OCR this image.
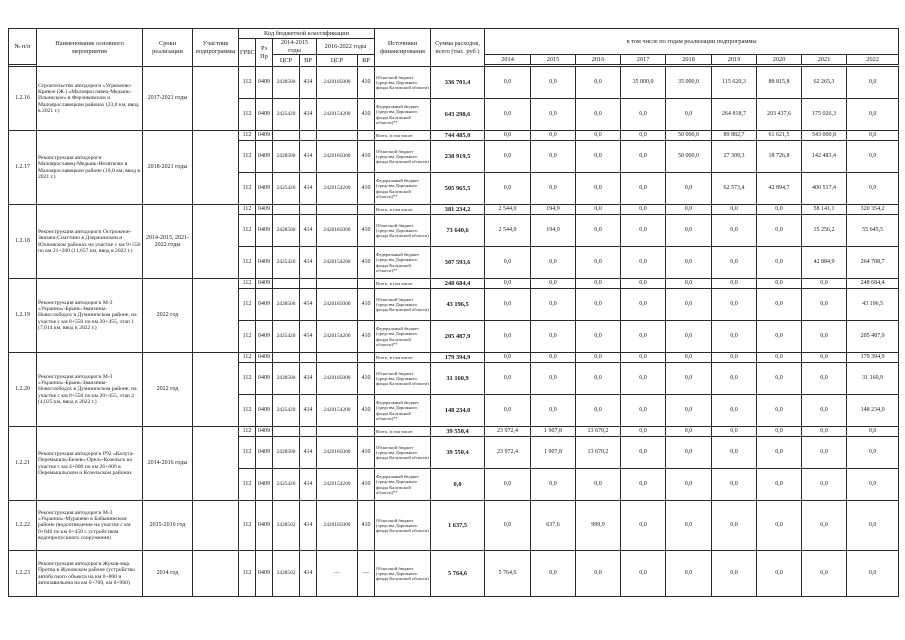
№ п/п	Наименование основного мероприятия	Сроки реализации	Участник подпрограммы	Код бюджетной классификации						Источники финансирования	Сумма расходов, всего (тыс. руб.)	в том числе по годам реализации подпрограммы								
				ГРБС	Рз Пр	2014-2015 годы		2016-2022 годы												
						ЦСР	ВР	ЦСР	ВР			2014	2015	2016	2017	2018	2019	2020	2021	2022

1.2.16	Строительство автодороги «Угрюмово-Кривое (Ж.) «Малоярославец-Медынь-Ильинское» в Ферзиковском и Малоярославецком районах (23,0 км, ввод в 2021 г.)	2017-2021 годы		112	0409	2428500	414	2420185000	410	Областной бюджет (средства Дорожного фонда Калужской области)	336 701,4	0,0	0,0	0,0	35 000,0	35 000,0	115 620,3	88 815,8	62 265,3	0,0
				112	0409	2425420	414	2420154200	410	Федеральный бюджет (средства Дорожного фонда Калужской области)**	643 298,6	0,0	0,0	0,0	0,0	0,0	264 818,7	203 437,6	175 026,3	0,0
1.2.17	Реконструкция автодороги Малоярославец-Медынь-Нелятково в Малоярославецком районе (18,0 км, ввод в 2021 г.)	2018-2021 годы		112	0409					Всего, в том числе:	744 485,0	0,0	0,0	0,0	0,0	50 000,0	89 882,7	61 621,5	543 000,8	0,0
				112	0409	2428500	414	2420185000	410	Областной бюджет (средства Дорожного фонда Калужской области)	238 919,5	0,0	0,0	0,0	0,0	50 000,0	27 309,3	18 726,8	142 483,4	0,0
				112	0409	2425420	414	2420154200	410	Федеральный бюджет (средства Дорожного фонда Калужской области)**	505 965,5	0,0	0,0	0,0	0,0	0,0	62 573,4	42 894,7	400 517,4	0,0
1.2.18	Реконструкция автодороги Острожное-Звизжи-Снагтино в Дзержинском и Юхновском районах на участке с км 9+550 по км 21+200 (11,657 км, ввод в 2022 г.)	2014-2015, 2021-2022 годы		112	0409					Всего, в том числе:	381 234,2	2 544,0	194,9	0,0	0,0	0,0	0,0	0,0	58 141,1	320 354,2
				112	0409	2428500	414	2420185000	410	Областной бюджет (средства Дорожного фонда Калужской области)	73 640,6	2 544,0	194,9	0,0	0,0	0,0	0,0	0,0	15 256,2	55 645,5
				112	0409	2425420	414	2420154200	410	Федеральный бюджет (средства Дорожного фонда Калужской области)**	307 593,6	0,0	0,0	0,0	0,0	0,0	0,0	0,0	42 884,9	264 708,7
1.2.19	Реконструкция автодороги М-3 «Украина»-Брынь-Зваизины-Новослободск в Думиничском районе, на участке с км 8+550 по км 20+455, этап 1 (7,014 км, ввод в 2022 г.)	2022 год		112	0409					Всего, в том числе:	248 684,4	0,0	0,0	0,0	0,0	0,0	0,0	0,0	0,0	248 684,4
				112	0409	2428500	414	2420185000	410	Областной бюджет (средства Дорожного фонда Калужской области)	43 196,5	0,0	0,0	0,0	0,0	0,0	0,0	0,0	0,0	43 196,5
				112	0409	2425420	414	2420154200	410	Федеральный бюджет (средства Дорожного фонда Калужской области)**	205 487,9	0,0	0,0	0,0	0,0	0,0	0,0	0,0	0,0	205 487,9
1.2.20	Реконструкция автодороги М-3 «Украина»-Брынь-Зваизины-Новослободск в Думиничском районе, на участке с км 8+550 по км 20+455, этап 2 (4,025 км, ввод в 2022 г.)	2022 год		112	0409					Всего, в том числе:	179 394,9	0,0	0,0	0,0	0,0	0,0	0,0	0,0	0,0	179 394,9
				112	0409	2428500	414	2420185000	410	Областной бюджет (средства Дорожного фонда Калужской области)	31 160,9	0,0	0,0	0,0	0,0	0,0	0,0	0,0	0,0	31 160,9
				112	0409	2425420	414	2420154200	410	Федеральный бюджет (средства Дорожного фонда Калужской области)**	148 234,0	0,0	0,0	0,0	0,0	0,0	0,0	0,0	0,0	148 234,0
1.2.21	Реконструкция автодороги Р92 «Калуга-Перемышль-Белев»-Орел»-Козельск на участке с км 4+000 по км 26+000 в Перемышльском и Козельском районах	2014-2016 годы		112	0409					Всего, в том числе:	39 550,4	23 972,4	1 907,8	13 670,2	0,0	0,0	0,0	0,0	0,0	0,0
				112	0409	2428500	414	2420185000	410	Областной бюджет (средства Дорожного фонда Калужской области)	39 550,4	23 972,4	1 907,8	13 670,2	0,0	0,0	0,0	0,0	0,0	0,0
				112	0409	2425420	414	2420154200	410	Федеральный бюджет (средства Дорожного фонда Калужской области)**	0,0	0,0	0,0	0,0	0,0	0,0	0,0	0,0	0,0	0,0
1.2.22	Реконструкция автодороги М-3 «Украина»-Мурачево в Бабынинском районе (водоотведение на участке с км 0+040 по км 0+450 с устройством водопропускного сооружения)	2015-2016 год		112	0409	2428502	414	2420185000	410	Областной бюджет (средства Дорожного фонда Калужской области)	1 637,5	0,0	637,6	999,9	0,0	0,0	0,0	0,0	0,0	0,0
1.2.23	Реконструкция автодороги Жуков-мкр. Протва в Жуковском районе (устройство автобусного объекта на км 0+800 и автопавильона на км 0+700, км 0+960)	2014 год		112	0409	2428502	414	—	—	Областной бюджет (средства Дорожного фонда Калужской области)	5 764,6	5 764,6	0,0	0,0	0,0	0,0	0,0	0,0	0,0	0,0
